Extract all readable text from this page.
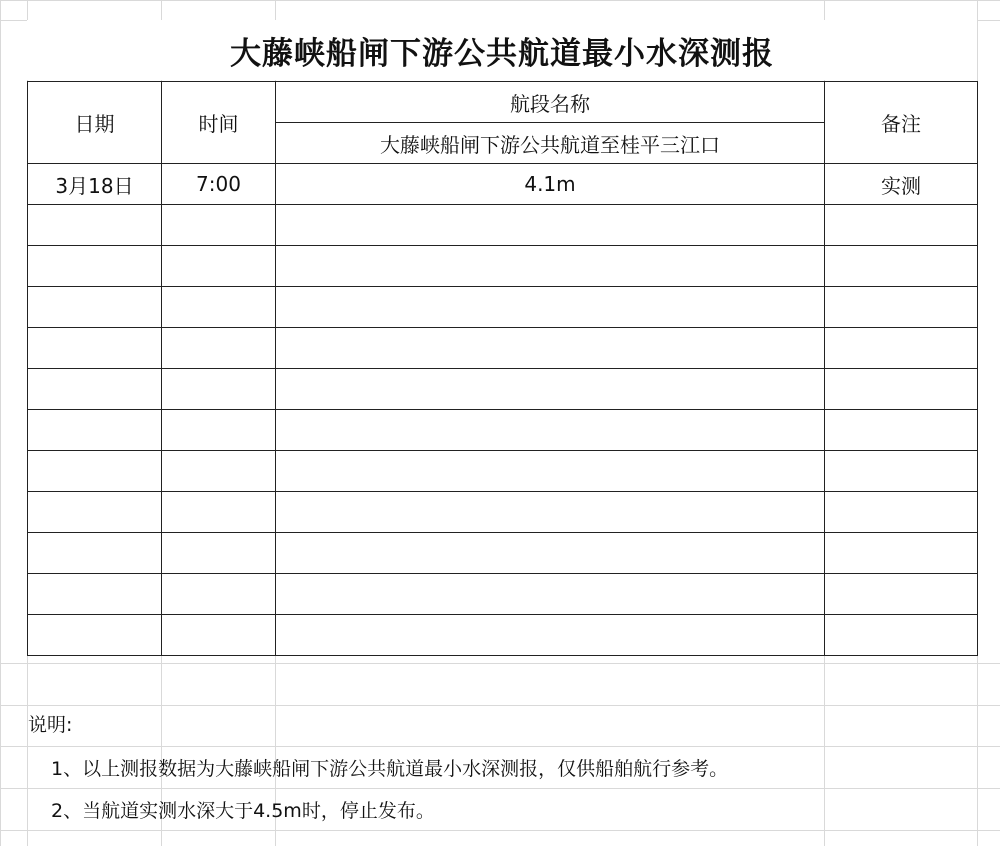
大藤峡船闸下游公共航道最小水深测报
日期	时间	航段名称	备注
		大藤峡船闸下游公共航道至桂平三江口	
3月18日	7:00	4.1m	实测

说明:
1、以上测报数据为大藤峡船闸下游公共航道最小水深测报，仅供船舶航行参考。
2、当航道实测水深大于4.5m时，停止发布。
